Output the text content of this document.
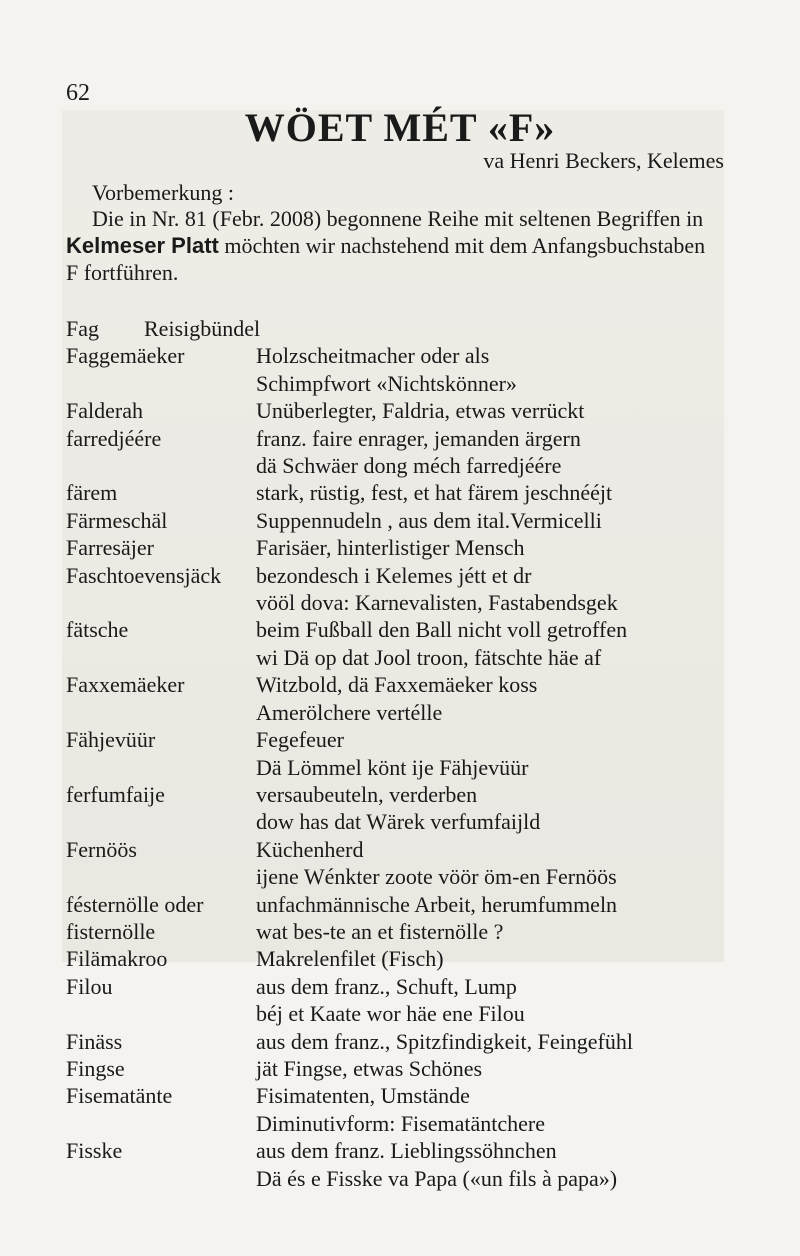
62
WÖET MÉT «F»
va Henri Beckers, Kelemes
Vorbemerkung :
Die in Nr. 81 (Febr. 2008) begonnene Reihe mit seltenen Begriffen in
Kelmeser Platt möchten wir nachstehend mit dem Anfangsbuchstaben
F fortführen.
Fag Reisigbündel

Faggemäeker	Holzscheitmacher oder als
Schimpfwort «Nichtskönner»
Falderah	Unüberlegter, Faldria, etwas verrückt
farredjéére	franz. faire enrager, jemanden ärgern
dä Schwäer dong méch farredjéére
färem	stark, rüstig, fest, et hat färem jeschnééjt
Färmeschäl	Suppennudeln , aus dem ital.Vermicelli
Farresäjer	Farisäer, hinterlistiger Mensch
Faschtoevensjäck	bezondesch i Kelemes jétt et dr
vööl dova: Karnevalisten, Fastabendsgek
fätsche	beim Fußball den Ball nicht voll getroffen
wi Dä op dat Jool troon, fätschte häe af
Faxxemäeker	Witzbold, dä Faxxemäeker koss
Amerölchere vertélle
Fähjevüür	Fegefeuer
Dä Lömmel könt ije Fähjevüür
ferfumfaije	versaubeuteln, verderben
dow has dat Wärek verfumfaijld
Fernöös	Küchenherd
ijene Wénkter zoote vöör öm-en Fernöös
fésternölle oder	unfachmännische Arbeit, herumfummeln
fisternölle	wat bes-te an et fisternölle ?
Filämakroo	Makrelenfilet (Fisch)
Filou	aus dem franz., Schuft, Lump
béj et Kaate wor häe ene Filou
Finäss	aus dem franz., Spitzfindigkeit, Feingefühl
Fingse	jät Fingse, etwas Schönes
Fisematänte	Fisimatenten, Umstände
Diminutivform: Fisematäntchere
Fisske	aus dem franz. Lieblingssöhnchen
Dä és e Fisske va Papa («un fils à papa»)
